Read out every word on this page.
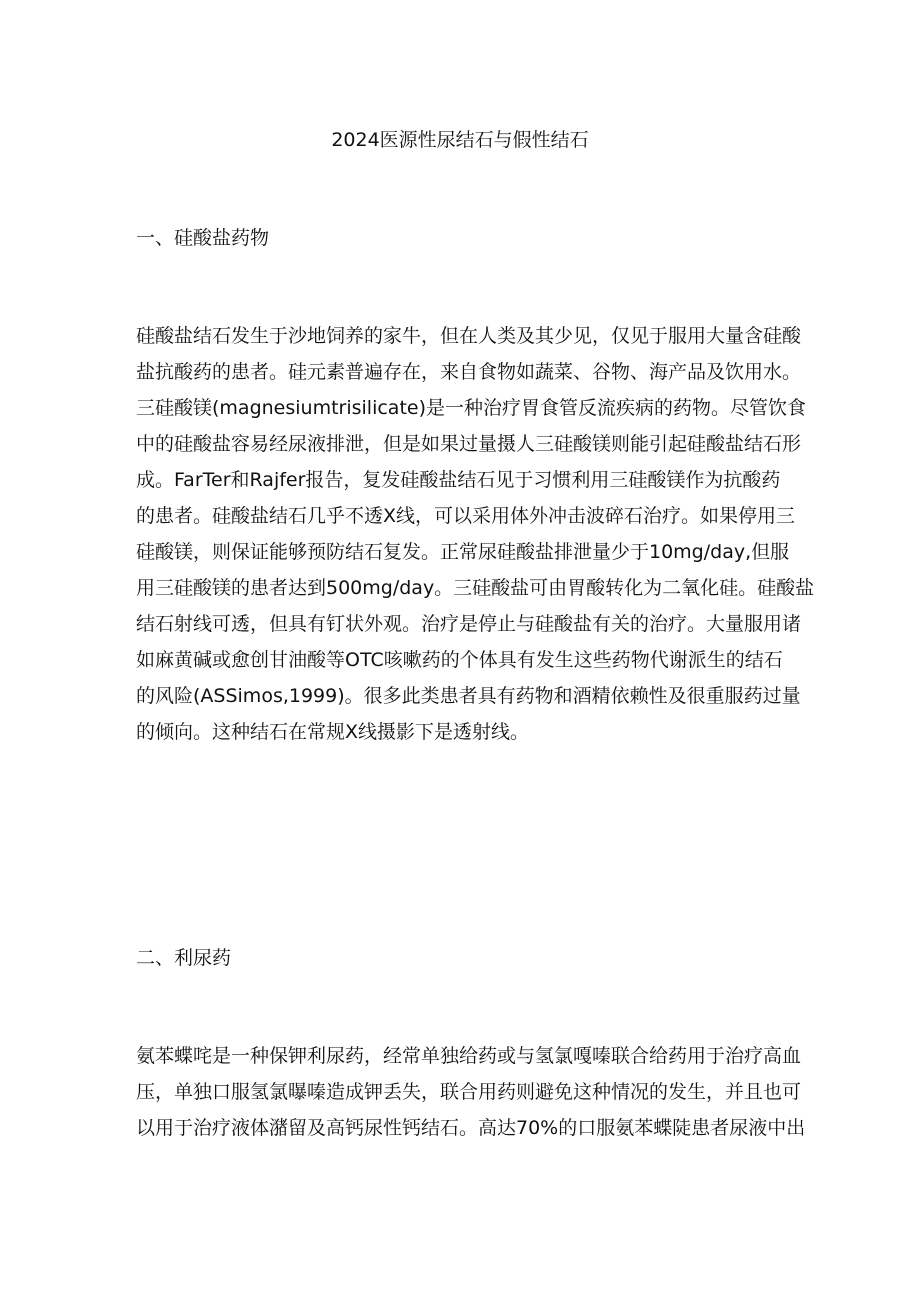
2024医源性尿结石与假性结石
一、硅酸盐药物
硅酸盐结石发生于沙地饲养的家牛，但在人类及其少见，仅见于服用大量含硅酸
盐抗酸药的患者。硅元素普遍存在，来自食物如蔬菜、谷物、海产品及饮用水。
三硅酸镁(magnesiumtrisilicate)是一种治疗胃食管反流疾病的药物。尽管饮食
中的硅酸盐容易经尿液排泄，但是如果过量摄人三硅酸镁则能引起硅酸盐结石形
成。FarTer和Rajfer报告，复发硅酸盐结石见于习惯利用三硅酸镁作为抗酸药
的患者。硅酸盐结石几乎不透X线，可以采用体外冲击波碎石治疗。如果停用三
硅酸镁，则保证能够预防结石复发。正常尿硅酸盐排泄量少于10mg/day,但服
用三硅酸镁的患者达到500mg∕day。三硅酸盐可由胃酸转化为二氧化硅。硅酸盐
结石射线可透，但具有钉状外观。治疗是停止与硅酸盐有关的治疗。大量服用诸
如麻黄碱或愈创甘油酸等OTC咳嗽药的个体具有发生这些药物代谢派生的结石
的风险(ASSimos,1999)。很多此类患者具有药物和酒精依赖性及很重服药过量
的倾向。这种结石在常规X线摄影下是透射线。
二、利尿药
氨苯蝶咤是一种保钾利尿药，经常单独给药或与氢氯嘎嗪联合给药用于治疗高血
压，单独口服氢氯曝嗪造成钾丢失，联合用药则避免这种情况的发生，并且也可
以用于治疗液体潴留及高钙尿性钙结石。高达70%的口服氨苯蝶陡患者尿液中出
